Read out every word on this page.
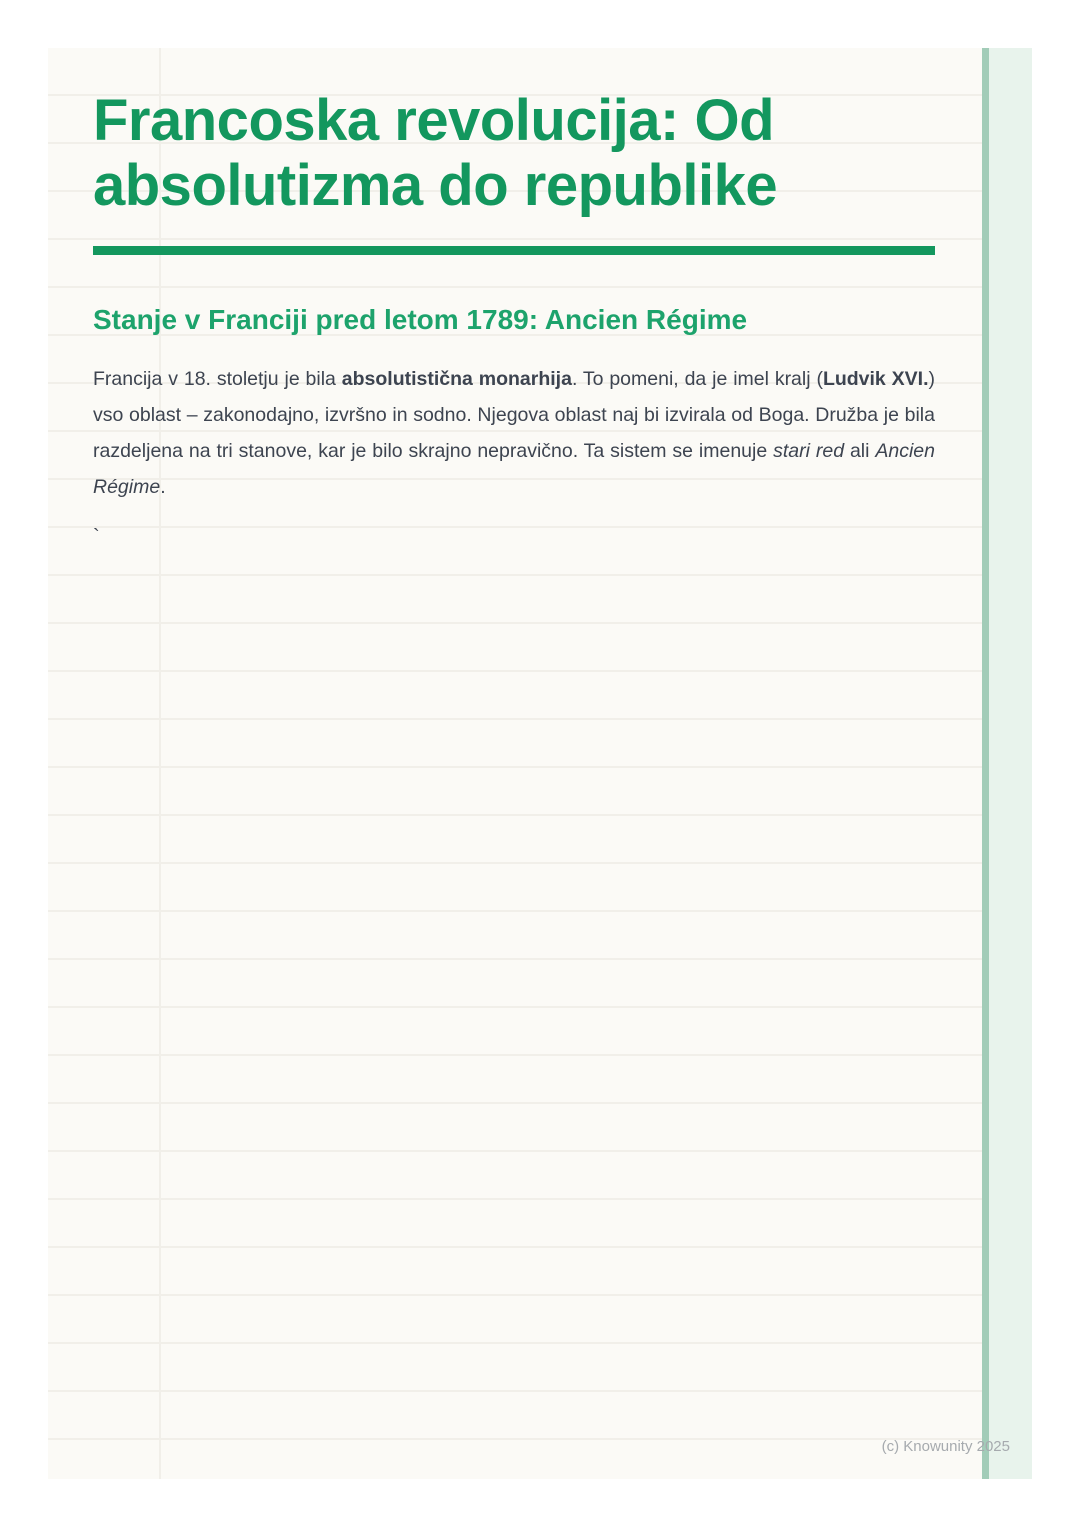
Francoska revolucija: Od
absolutizma do republike
Stanje v Franciji pred letom 1789: Ancien Régime

Francija v 18. stoletju je bila absolutistična monarhija. To pomeni, da je imel kralj (Ludvik XVI.) vso oblast – zakonodajno, izvršno in sodno. Njegova oblast naj bi izvirala od Boga. Družba je bila razdeljena na tri stanove, kar je bilo skrajno nepravično. Ta sistem se imenuje stari red ali Ancien Régime.

`
(c) Knowunity 2025
